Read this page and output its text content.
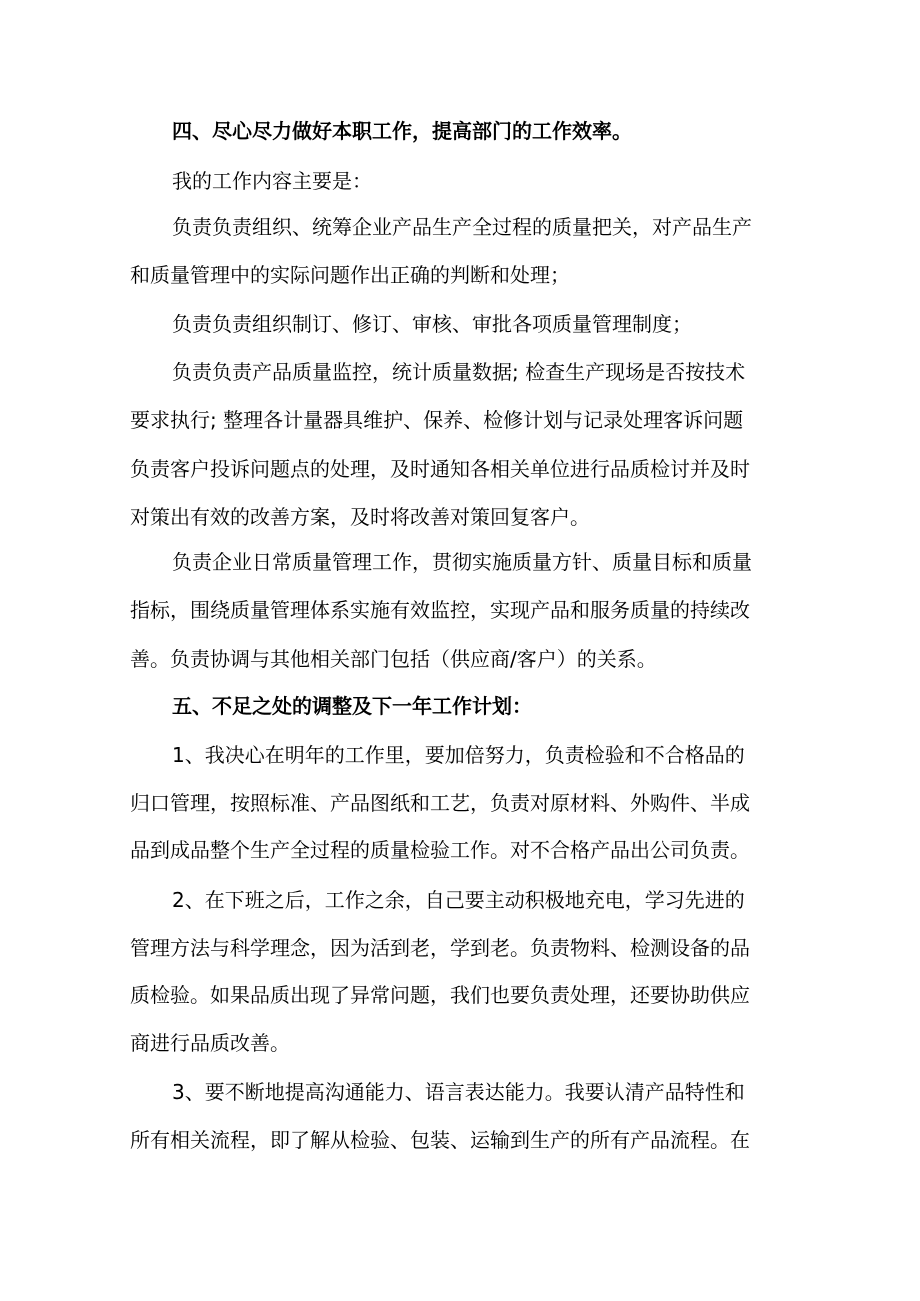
四、尽心尽力做好本职工作，提高部门的工作效率。

我的工作内容主要是：

负责负责组织、统筹企业产品生产全过程的质量把关，对产品生产

和质量管理中的实际问题作出正确的判断和处理；

负责负责组织制订、修订、审核、审批各项质量管理制度；

负责负责产品质量监控，统计质量数据; 检查生产现场是否按技术

要求执行; 整理各计量器具维护、保养、检修计划与记录处理客诉问题

负责客户投诉问题点的处理，及时通知各相关单位进行品质检讨并及时

对策出有效的改善方案，及时将改善对策回复客户。

负责企业日常质量管理工作，贯彻实施质量方针、质量目标和质量

指标，围绕质量管理体系实施有效监控，实现产品和服务质量的持续改

善。负责协调与其他相关部门包括（供应商/客户）的关系。

五、不足之处的调整及下一年工作计划：

1、我决心在明年的工作里，要加倍努力，负责检验和不合格品的

归口管理，按照标准、产品图纸和工艺，负责对原材料、外购件、半成

品到成品整个生产全过程的质量检验工作。对不合格产品出公司负责。

2、在下班之后，工作之余，自己要主动积极地充电，学习先进的

管理方法与科学理念，因为活到老，学到老。负责物料、检测设备的品

质检验。如果品质出现了异常问题，我们也要负责处理，还要协助供应

商进行品质改善。

3、要不断地提高沟通能力、语言表达能力。我要认清产品特性和

所有相关流程，即了解从检验、包装、运输到生产的所有产品流程。在
